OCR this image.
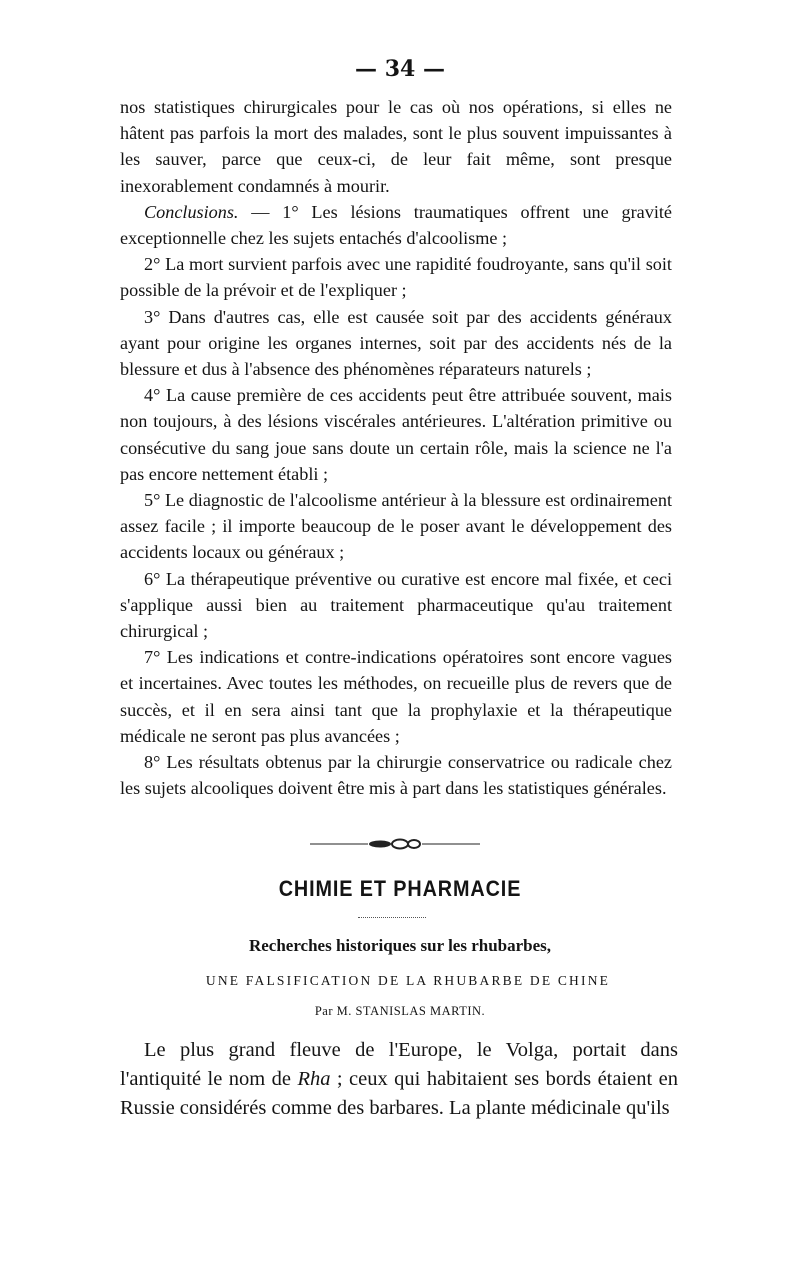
— 34 —

nos statistiques chirurgicales pour le cas où nos opérations, si elles ne hâtent pas parfois la mort des malades, sont le plus souvent impuissantes à les sauver, parce que ceux-ci, de leur fait même, sont presque inexorablement condamnés à mourir.

Conclusions. — 1° Les lésions traumatiques offrent une gravité exceptionnelle chez les sujets entachés d'alcoolisme ;

2° La mort survient parfois avec une rapidité foudroyante, sans qu'il soit possible de la prévoir et de l'expliquer ;

3° Dans d'autres cas, elle est causée soit par des accidents généraux ayant pour origine les organes internes, soit par des accidents nés de la blessure et dus à l'absence des phénomènes réparateurs naturels ;

4° La cause première de ces accidents peut être attribuée souvent, mais non toujours, à des lésions viscérales antérieures. L'altération primitive ou consécutive du sang joue sans doute un certain rôle, mais la science ne l'a pas encore nettement établi ;

5° Le diagnostic de l'alcoolisme antérieur à la blessure est ordinairement assez facile ; il importe beaucoup de le poser avant le développement des accidents locaux ou généraux ;

6° La thérapeutique préventive ou curative est encore mal fixée, et ceci s'applique aussi bien au traitement pharmaceutique qu'au traitement chirurgical ;

7° Les indications et contre-indications opératoires sont encore vagues et incertaines. Avec toutes les méthodes, on recueille plus de revers que de succès, et il en sera ainsi tant que la prophylaxie et la thérapeutique médicale ne seront pas plus avancées ;

8° Les résultats obtenus par la chirurgie conservatrice ou radicale chez les sujets alcooliques doivent être mis à part dans les statistiques générales.

CHIMIE ET PHARMACIE
Recherches historiques sur les rhubarbes,
UNE FALSIFICATION DE LA RHUBARBE DE CHINE
Par M. STANISLAS MARTIN.

Le plus grand fleuve de l'Europe, le Volga, portait dans l'antiquité le nom de Rha ; ceux qui habitaient ses bords étaient en Russie considérés comme des barbares. La plante médicinale qu'ils
